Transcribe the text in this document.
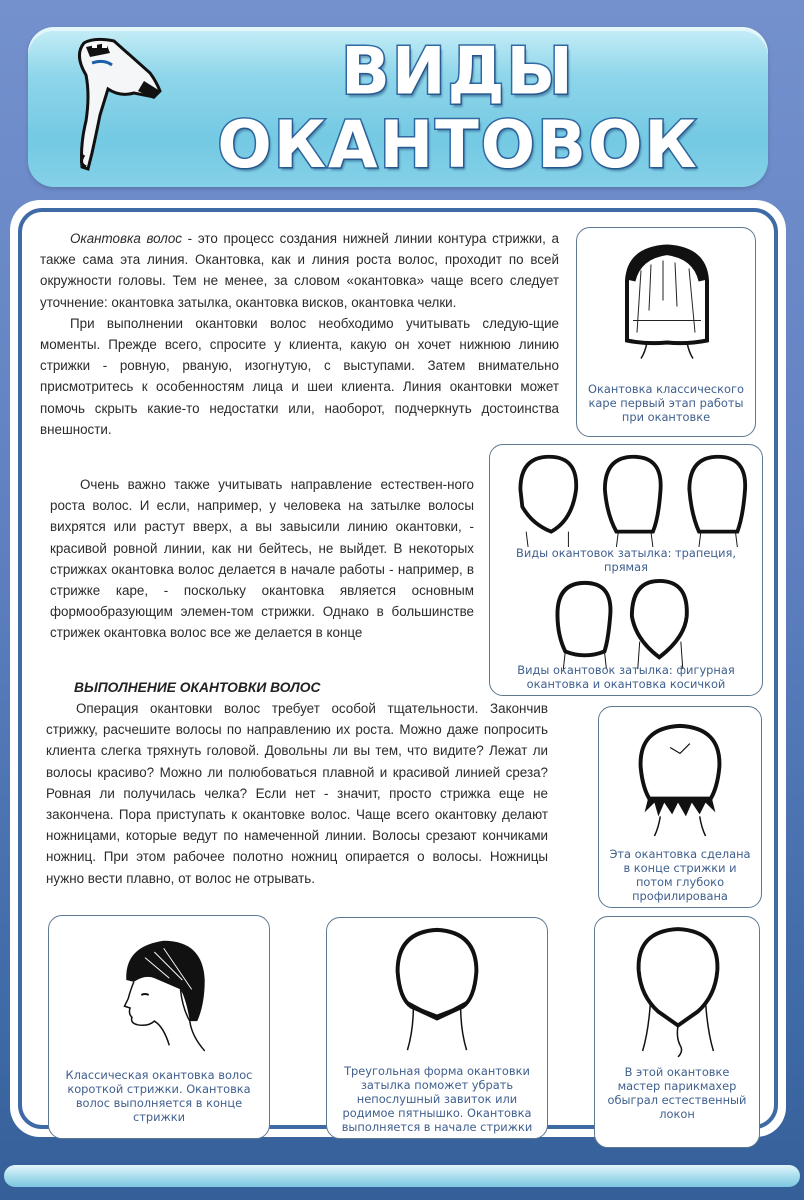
ВИДЫ
ОКАНТОВОК

Окантовка волос - это процесс создания нижней линии контура стрижки, а также сама эта линия. Окантовка, как и линия роста волос, проходит по всей окружности головы. Тем не менее, за словом «окантовка» чаще всего следует уточнение: окантовка затылка, окантовка висков, окантовка челки.

При выполнении окантовки волос необходимо учитывать следую-щие моменты. Прежде всего, спросите у клиента, какую он хочет нижнюю линию стрижки - ровную, рваную, изогнутую, с выступами. Затем внимательно присмотритесь к особенностям лица и шеи клиента. Линия окантовки может помочь скрыть какие-то недостатки или, наоборот, подчеркнуть достоинства внешности.

Очень важно также учитывать направление естествен-ного роста волос. И если, например, у человека на затылке волосы вихрятся или растут вверх, а вы завысили линию окантовки, - красивой ровной линии, как ни бейтесь, не выйдет. В некоторых стрижках окантовка волос делается в начале работы - например, в стрижке каре, - поскольку окантовка является основным формообразующим элемен-том стрижки. Однако в большинстве стрижек окантовка волос все же делается в конце

ВЫПОЛНЕНИЕ ОКАНТОВКИ ВОЛОС

Операция окантовки волос требует особой тщательности. Закончив стрижку, расчешите волосы по направлению их роста. Можно даже попросить клиента слегка тряхнуть головой. Довольны ли вы тем, что видите? Лежат ли волосы красиво? Можно ли полюбоваться плавной и красивой линией среза? Ровная ли получилась челка? Если нет - значит, просто стрижка еще не закончена. Пора приступать к окантовке волос. Чаще всего окантовку делают ножницами, которые ведут по намеченной линии. Волосы срезают кончиками ножниц. При этом рабочее полотно ножниц опирается о волосы. Ножницы нужно вести плавно, от волос не отрывать.

Окантовка классического каре первый этап работы при окантовке
Виды окантовок затылка: трапеция, прямая
Виды окантовок затылка: фигурная окантовка и окантовка косичкой
Эта окантовка сделана в конце стрижки и потом глубоко профилирована
Классическая окантовка волос короткой стрижки. Окантовка волос выполняется в конце стрижки
Треугольная форма окантовки затылка поможет убрать непослушный завиток или родимое пятнышко. Окантовка выполняется в начале стрижки
В этой окантовке мастер парикмахер обыграл естественный локон
